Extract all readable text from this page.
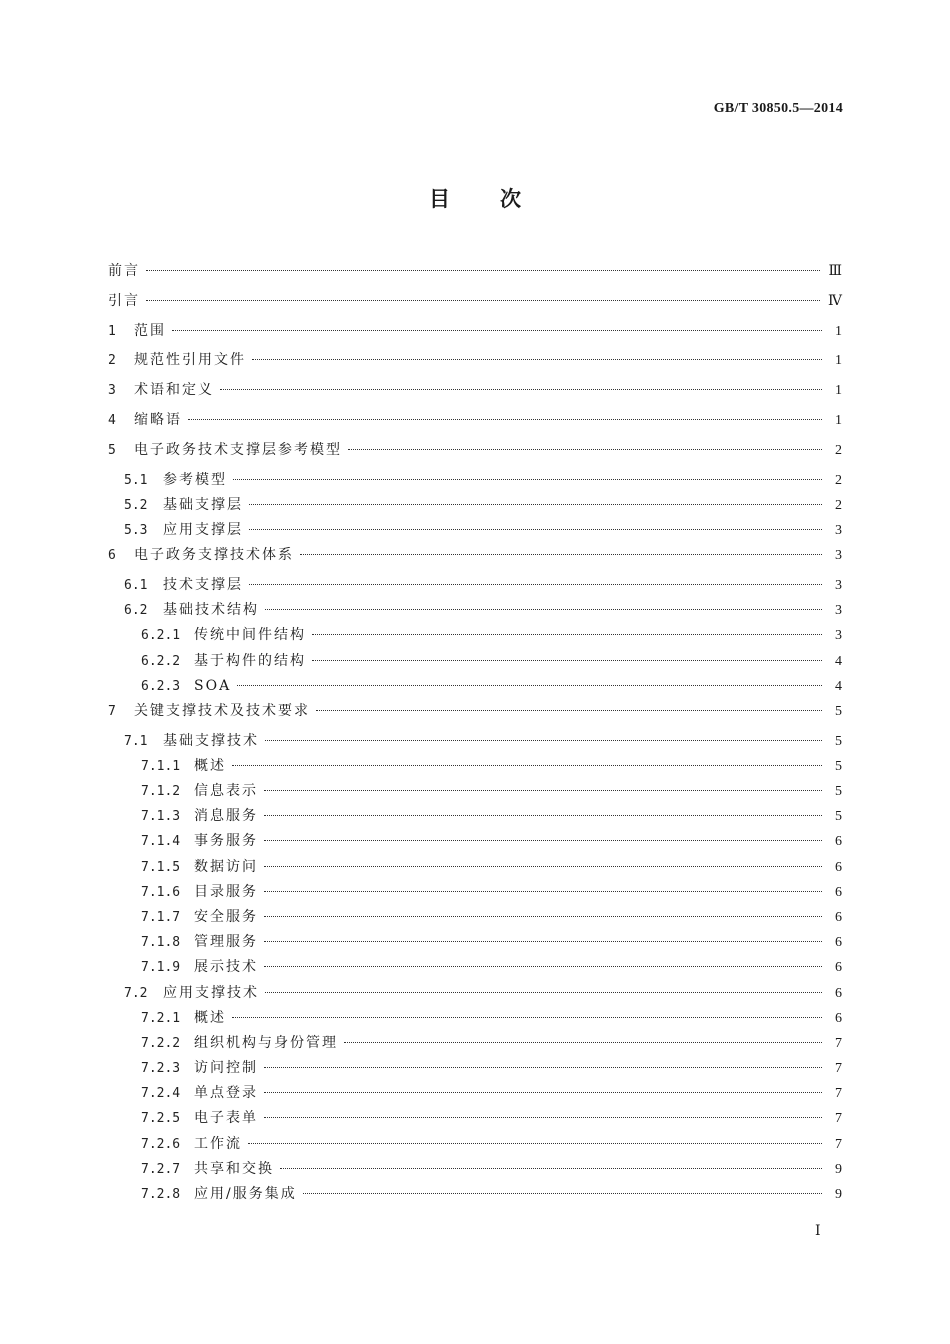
GB/T 30850.5—2014
目次
前言	Ⅲ
引言	Ⅳ
1	范围	1
2	规范性引用文件	1
3	术语和定义	1
4	缩略语	1
5	电子政务技术支撑层参考模型	2
5.1	参考模型	2
5.2	基础支撑层	2
5.3	应用支撑层	3
6	电子政务支撑技术体系	3
6.1	技术支撑层	3
6.2	基础技术结构	3
6.2.1 传统中间件结构	3
6.2.2 基于构件的结构	4
6.2.3 SOA	4
7	关键支撑技术及技术要求	5
7.1	基础支撑技术	5
7.1.1 概述	5
7.1.2 信息表示	5
7.1.3 消息服务	5
7.1.4 事务服务	6
7.1.5 数据访问	6
7.1.6 目录服务	6
7.1.7 安全服务	6
7.1.8 管理服务	6
7.1.9 展示技术	6
7.2	应用支撑技术	6
7.2.1 概述	6
7.2.2 组织机构与身份管理	7
7.2.3 访问控制	7
7.2.4 单点登录	7
7.2.5 电子表单	7
7.2.6 工作流	7
7.2.7 共享和交换	9
7.2.8 应用/服务集成	9
Ⅰ
